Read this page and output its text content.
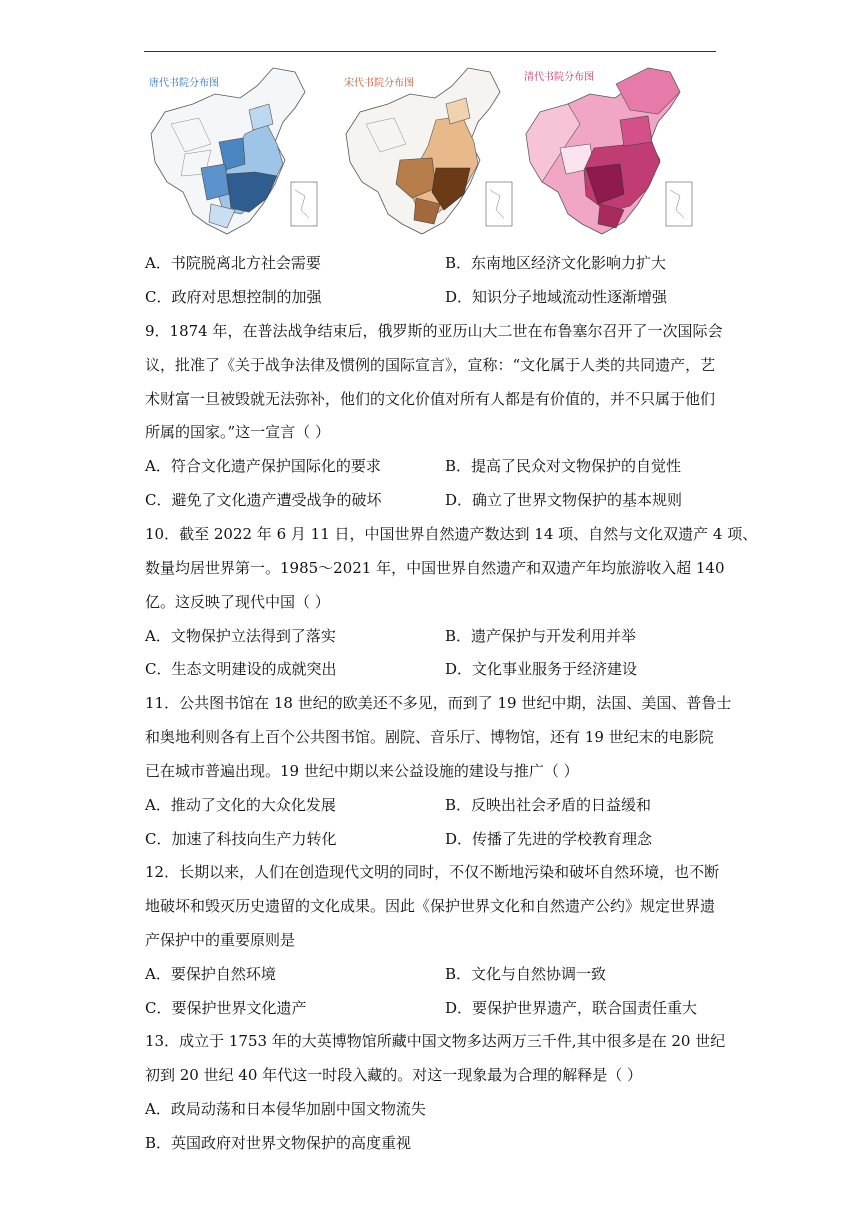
唐代书院分布图	宋代书院分布图
清代书院分布图
A．书院脱离北方社会需要	B．东南地区经济文化影响力扩大
C．政府对思想控制的加强	D．知识分子地域流动性逐渐增强
9．1874 年，在普法战争结束后，俄罗斯的亚历山大二世在布鲁塞尔召开了一次国际会
议，批准了《关于战争法律及惯例的国际宣言》，宣称：“文化属于人类的共同遗产，艺
术财富一旦被毁就无法弥补，他们的文化价值对所有人都是有价值的，并不只属于他们
所属的国家。”这一宣言（ ）
A．符合文化遗产保护国际化的要求	B．提高了民众对文物保护的自觉性
C．避免了文化遗产遭受战争的破坏	D．确立了世界文物保护的基本规则
10．截至 2022 年 6 月 11 日，中国世界自然遗产数达到 14 项、自然与文化双遗产 4 项、
数量均居世界第一。1985～2021 年，中国世界自然遗产和双遗产年均旅游收入超 140
亿。这反映了现代中国（ ）
A．文物保护立法得到了落实	B．遗产保护与开发利用并举
C．生态文明建设的成就突出	D．文化事业服务于经济建设
11．公共图书馆在 18 世纪的欧美还不多见，而到了 19 世纪中期，法国、美国、普鲁士
和奥地利则各有上百个公共图书馆。剧院、音乐厅、博物馆，还有 19 世纪末的电影院
已在城市普遍出现。19 世纪中期以来公益设施的建设与推广（ ）
A．推动了文化的大众化发展	B．反映出社会矛盾的日益缓和
C．加速了科技向生产力转化	D．传播了先进的学校教育理念
12．长期以来，人们在创造现代文明的同时，不仅不断地污染和破坏自然环境，也不断
地破坏和毁灭历史遗留的文化成果。因此《保护世界文化和自然遗产公约》规定世界遗
产保护中的重要原则是
A．要保护自然环境	B．文化与自然协调一致
C．要保护世界文化遗产	D．要保护世界遗产，联合国责任重大
13．成立于 1753 年的大英博物馆所藏中国文物多达两万三千件,其中很多是在 20 世纪
初到 20 世纪 40 年代这一时段入藏的。对这一现象最为合理的解释是（ ）
A．政局动荡和日本侵华加剧中国文物流失
B．英国政府对世界文物保护的高度重视
